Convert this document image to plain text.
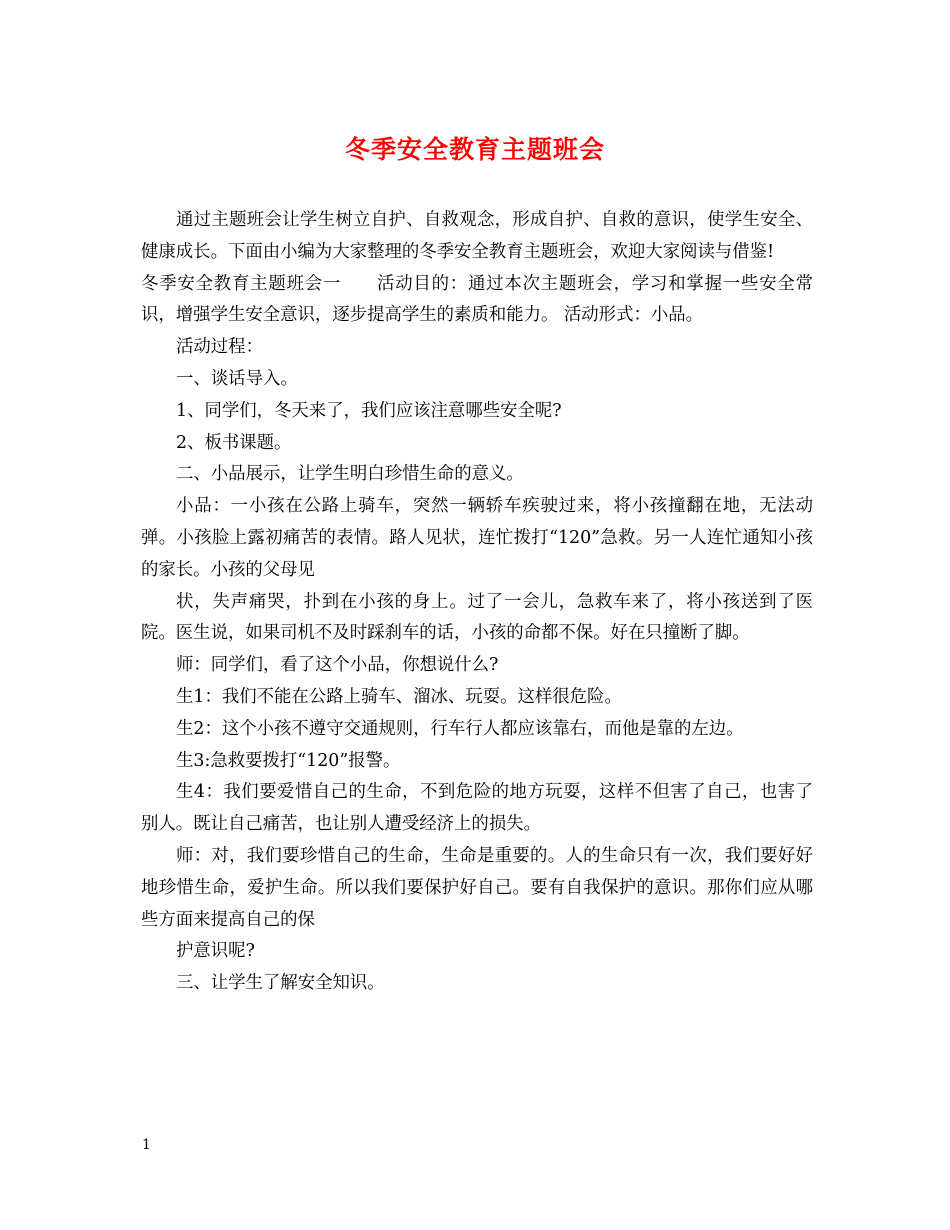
冬季安全教育主题班会

通过主题班会让学生树立自护、自救观念，形成自护、自救的意识，使学生安全、健康成长。下面由小编为大家整理的冬季安全教育主题班会，欢迎大家阅读与借鉴!

冬季安全教育主题班会一 活动目的：通过本次主题班会，学习和掌握一些安全常识，增强学生安全意识，逐步提高学生的素质和能力。 活动形式：小品。

活动过程：

一、谈话导入。

1、同学们，冬天来了，我们应该注意哪些安全呢?

2、板书课题。

二、小品展示，让学生明白珍惜生命的意义。

小品：一小孩在公路上骑车，突然一辆轿车疾驶过来，将小孩撞翻在地，无法动弹。小孩脸上露初痛苦的表情。路人见状，连忙拨打“120”急救。另一人连忙通知小孩的家长。小孩的父母见

状，失声痛哭，扑到在小孩的身上。过了一会儿，急救车来了，将小孩送到了医院。医生说，如果司机不及时踩刹车的话，小孩的命都不保。好在只撞断了脚。

师：同学们，看了这个小品，你想说什么?

生1：我们不能在公路上骑车、溜冰、玩耍。这样很危险。

生2：这个小孩不遵守交通规则，行车行人都应该靠右，而他是靠的左边。

生3:急救要拨打“120”报警。

生4：我们要爱惜自己的生命，不到危险的地方玩耍，这样不但害了自己，也害了别人。既让自己痛苦，也让别人遭受经济上的损失。

师：对，我们要珍惜自己的生命，生命是重要的。人的生命只有一次，我们要好好地珍惜生命，爱护生命。所以我们要保护好自己。要有自我保护的意识。那你们应从哪些方面来提高自己的保

护意识呢?

三、让学生了解安全知识。

1
